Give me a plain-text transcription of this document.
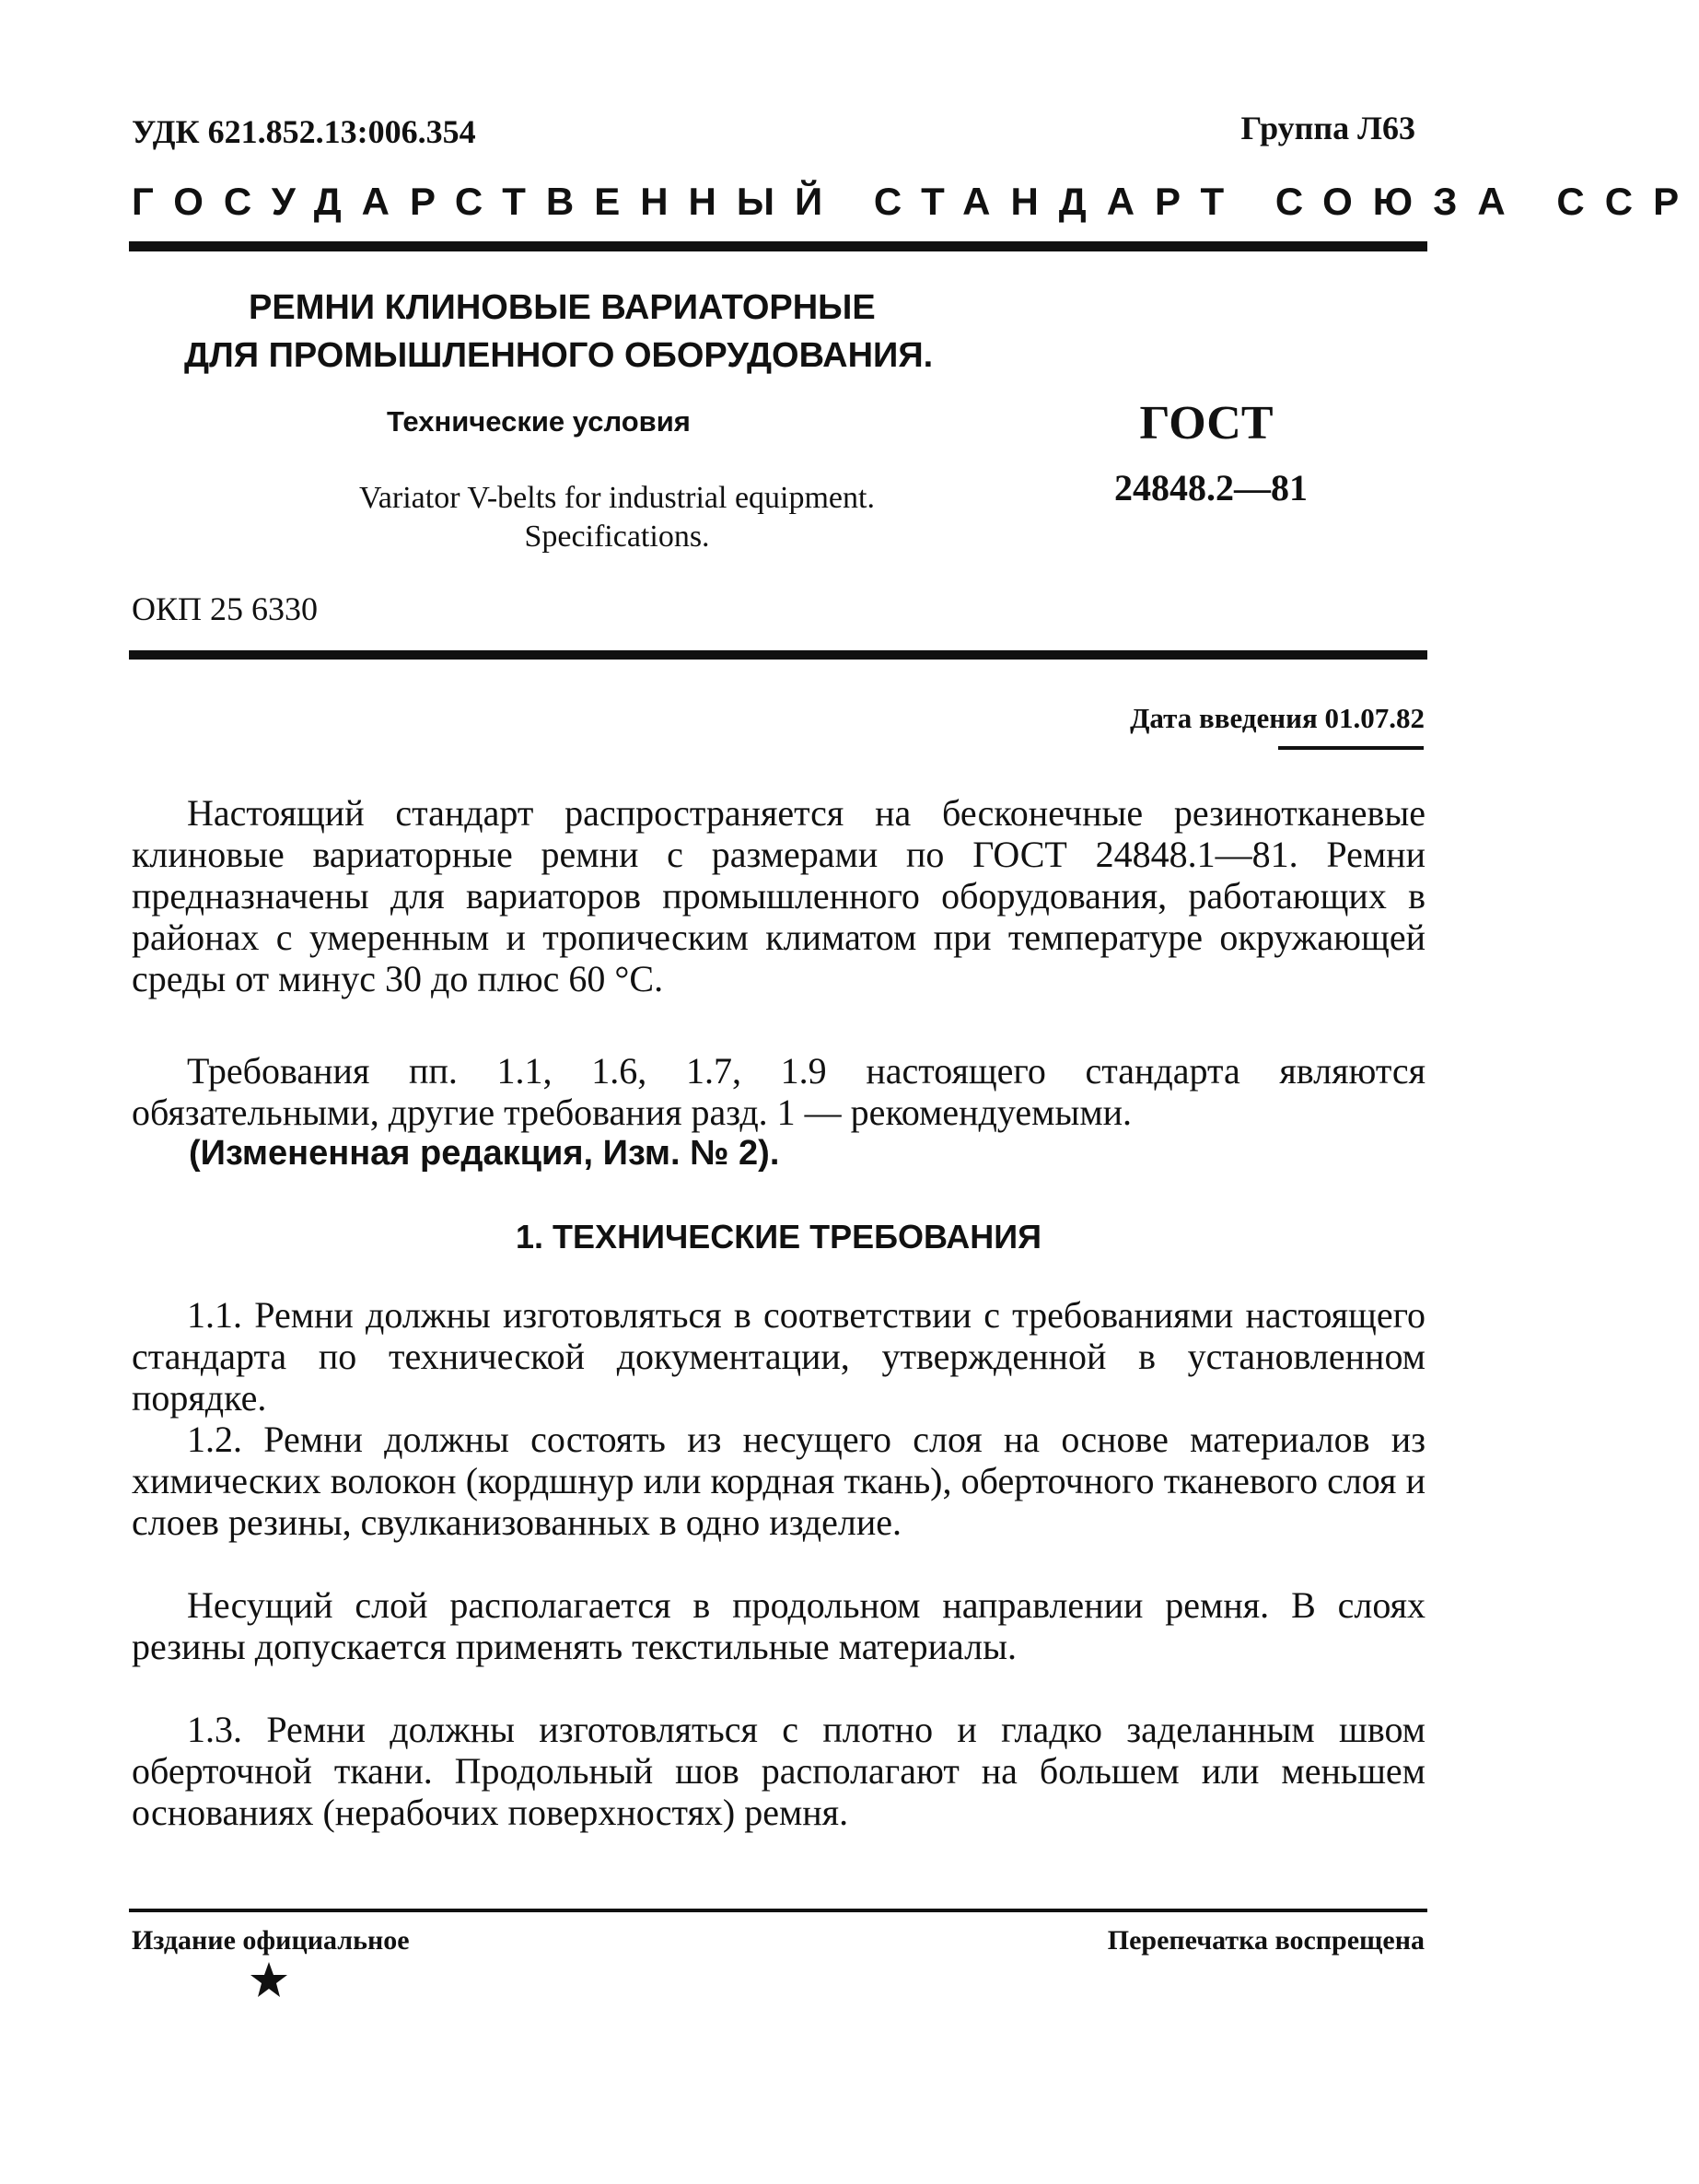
УДК 621.852.13:006.354	Группа Л63
ГОСУДАРСТВЕННЫЙ СТАНДАРТ СОЮЗА ССР
РЕМНИ КЛИНОВЫЕ ВАРИАТОРНЫЕ
ДЛЯ ПРОМЫШЛЕННОГО ОБОРУДОВАНИЯ.
Технические условия
Variator V-belts for industrial equipment.
Specifications.
ГОСТ
24848.2—81
ОКП 25 6330
Дата введения 01.07.82
Настоящий стандарт распространяется на бесконечные резинотканевые клиновые вариаторные ремни с размерами по ГОСТ 24848.1—81. Ремни предназначены для вариаторов промышленного оборудования, работающих в районах с умеренным и тропическим климатом при температуре окружающей среды от минус 30 до плюс 60 °С.
Требования пп. 1.1, 1.6, 1.7, 1.9 настоящего стандарта являются обязательными, другие требования разд. 1 — рекомендуемыми.
(Измененная редакция, Изм. № 2).
1. ТЕХНИЧЕСКИЕ ТРЕБОВАНИЯ
1.1. Ремни должны изготовляться в соответствии с требованиями настоящего стандарта по технической документации, утвержденной в установленном порядке.
1.2. Ремни должны состоять из несущего слоя на основе материалов из химических волокон (кордшнур или кордная ткань), оберточного тканевого слоя и слоев резины, свулканизованных в одно изделие.
Несущий слой располагается в продольном направлении ремня. В слоях резины допускается применять текстильные материалы.
1.3. Ремни должны изготовляться с плотно и гладко заделанным швом оберточной ткани. Продольный шов располагают на большем или меньшем основаниях (нерабочих поверхностях) ремня.
Издание официальное	Перепечатка воспрещена
